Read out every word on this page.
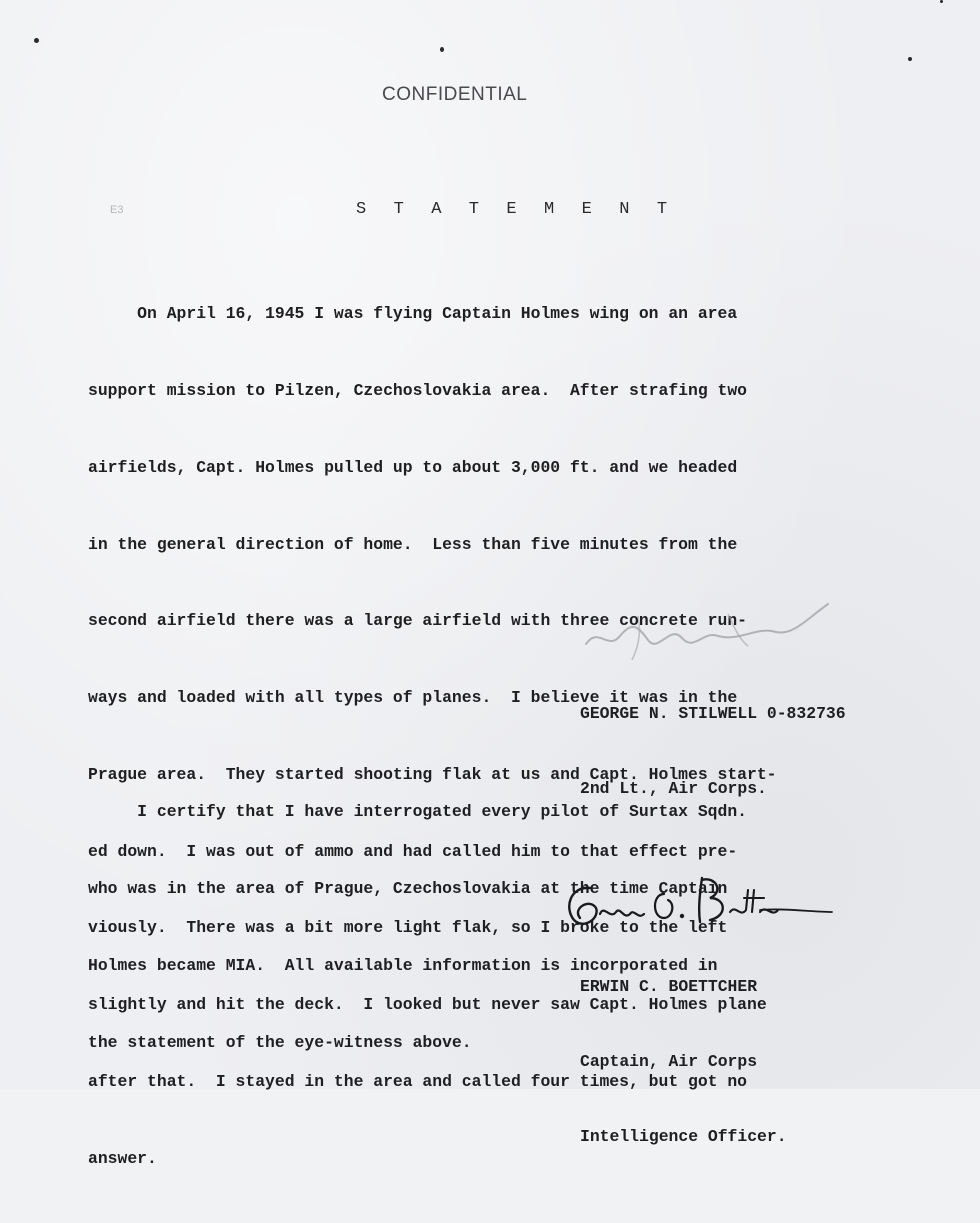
CONFIDENTIAL
E3	S T A T E M E N T

On April 16, 1945 I was flying Captain Holmes wing on an area

support mission to Pilzen, Czechoslovakia area.  After strafing two

airfields, Capt. Holmes pulled up to about 3,000 ft. and we headed

in the general direction of home.  Less than five minutes from the

second airfield there was a large airfield with three concrete run-

ways and loaded with all types of planes.  I believe it was in the

Prague area.  They started shooting flak at us and Capt. Holmes start-

ed down.  I was out of ammo and had called him to that effect pre-

viously.  There was a bit more light flak, so I broke to the left

slightly and hit the deck.  I looked but never saw Capt. Holmes plane

after that.  I stayed in the area and called four times, but got no

answer.

GEORGE N. STILWELL 0-832736

2nd Lt., Air Corps.

I certify that I have interrogated every pilot of Surtax Sqdn.

who was in the area of Prague, Czechoslovakia at the time Captain

Holmes became MIA.  All available information is incorporated in

the statement of the eye-witness above.

ERWIN C. BOETTCHER

Captain, Air Corps

Intelligence Officer.
